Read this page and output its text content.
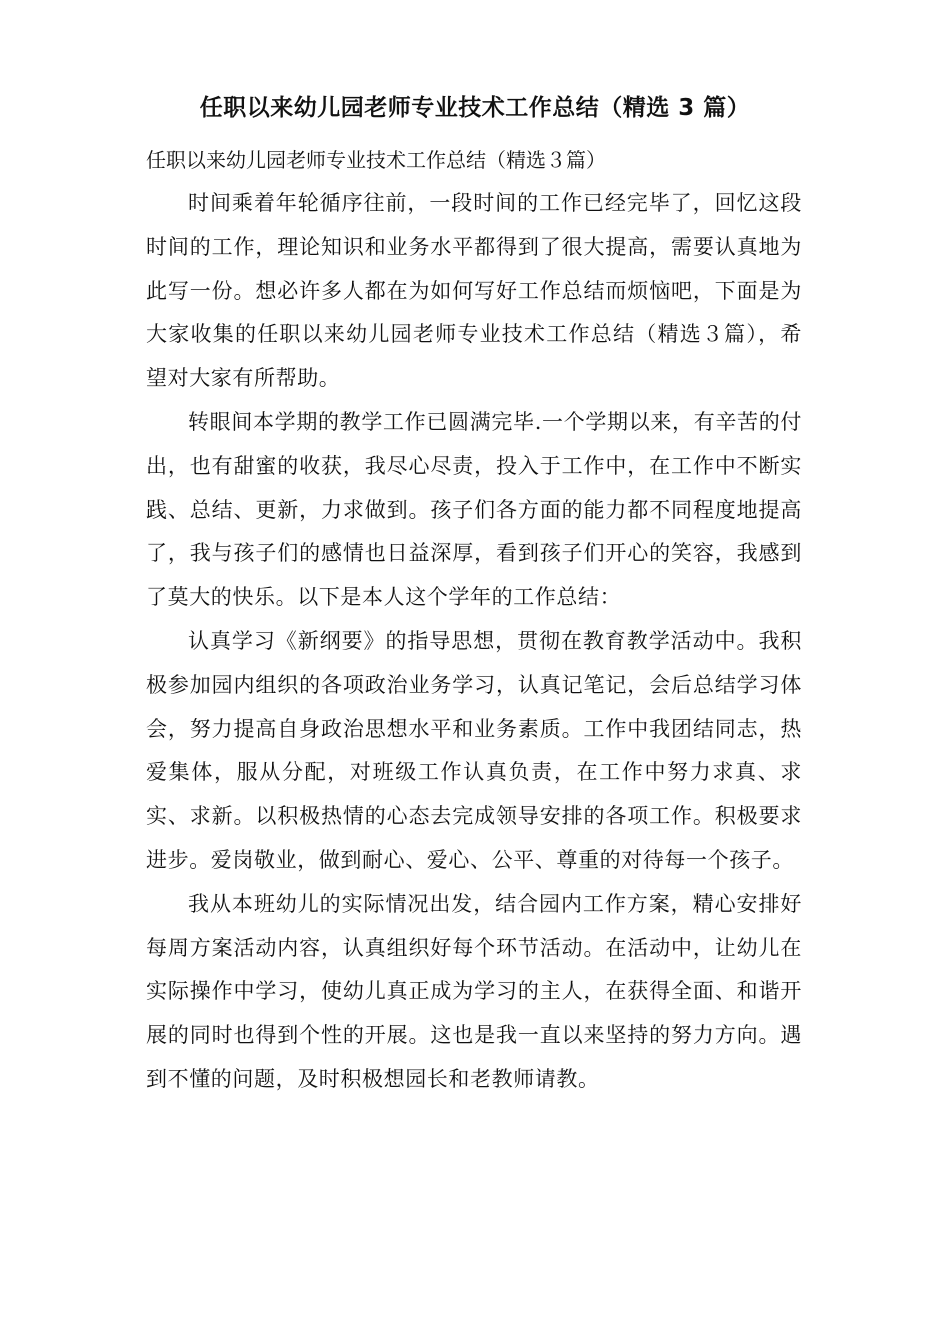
任职以来幼儿园老师专业技术工作总结（精选 3 篇）
任职以来幼儿园老师专业技术工作总结（精选３篇）

时间乘着年轮循序往前，一段时间的工作已经完毕了，回忆这段时间的工作，理论知识和业务水平都得到了很大提高，需要认真地为此写一份。想必许多人都在为如何写好工作总结而烦恼吧，下面是为大家收集的任职以来幼儿园老师专业技术工作总结（精选３篇），希望对大家有所帮助。

转眼间本学期的教学工作已圆满完毕.一个学期以来，有辛苦的付出，也有甜蜜的收获，我尽心尽责，投入于工作中，在工作中不断实践、总结、更新，力求做到。孩子们各方面的能力都不同程度地提高了，我与孩子们的感情也日益深厚，看到孩子们开心的笑容，我感到了莫大的快乐。以下是本人这个学年的工作总结：

认真学习《新纲要》的指导思想，贯彻在教育教学活动中。我积极参加园内组织的各项政治业务学习，认真记笔记，会后总结学习体会，努力提高自身政治思想水平和业务素质。工作中我团结同志，热爱集体，服从分配，对班级工作认真负责，在工作中努力求真、求实、求新。以积极热情的心态去完成领导安排的各项工作。积极要求进步。爱岗敬业，做到耐心、爱心、公平、尊重的对待每一个孩子。

我从本班幼儿的实际情况出发，结合园内工作方案，精心安排好每周方案活动内容，认真组织好每个环节活动。在活动中，让幼儿在实际操作中学习，使幼儿真正成为学习的主人，在获得全面、和谐开展的同时也得到个性的开展。这也是我一直以来坚持的努力方向。遇到不懂的问题，及时积极想园长和老教师请教。
